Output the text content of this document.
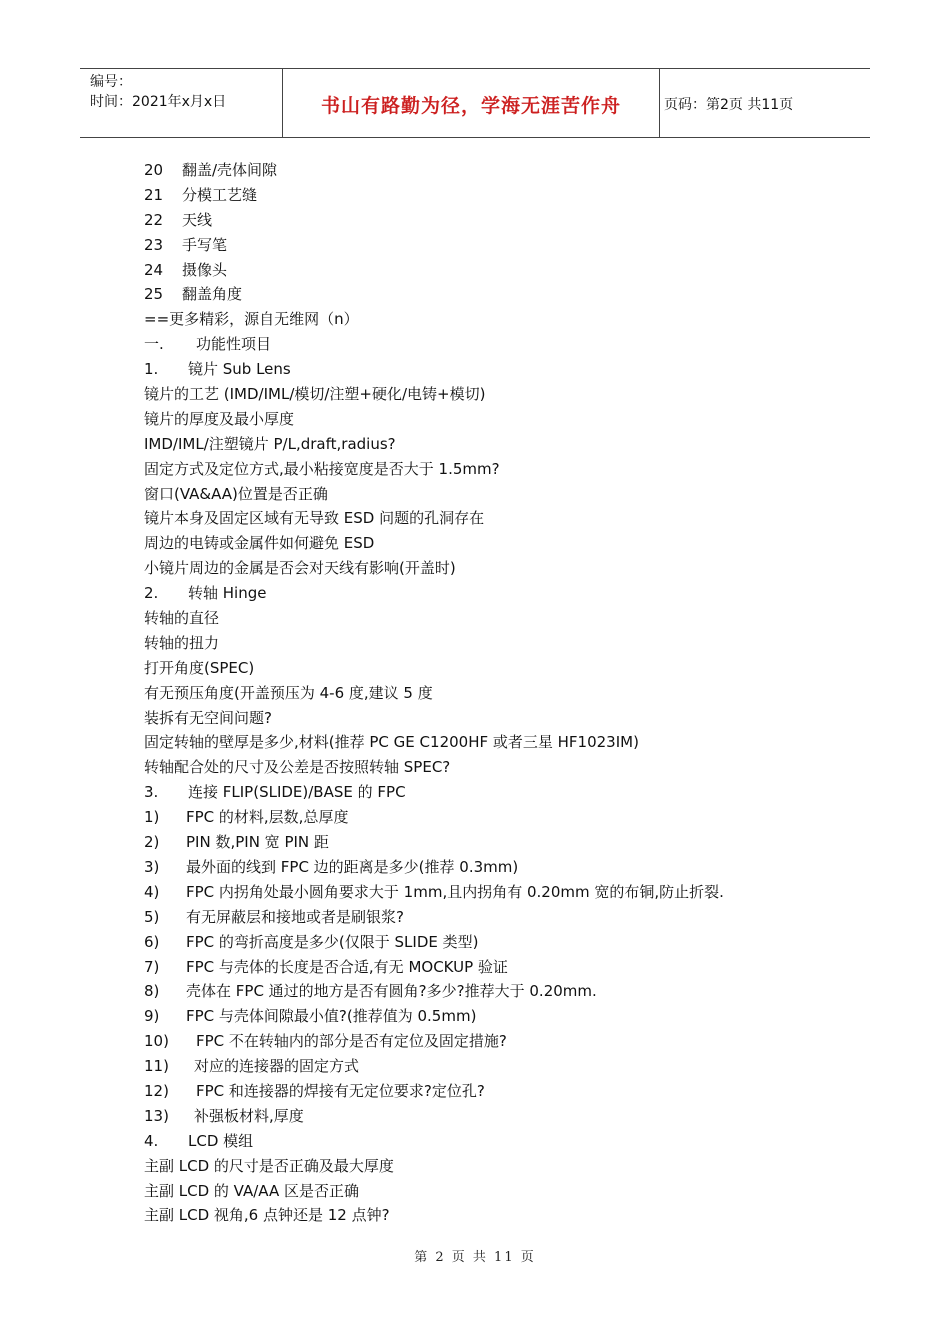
编号：
时间：2021年x月x日	书山有路勤为径，学海无涯苦作舟	页码：第2页 共11页
20 翻盖/壳体间隙
21 分模工艺缝
22 天线
23 手写笔
24 摄像头
25 翻盖角度
==更多精彩，源自无维网（n）
一. 功能性项目
1. 镜片 Sub Lens
镜片的工艺 (IMD/IML/模切/注塑+硬化/电铸+模切)
镜片的厚度及最小厚度
IMD/IML/注塑镜片 P/L,draft,radius?
固定方式及定位方式,最小粘接宽度是否大于 1.5mm?
窗口(VA&AA)位置是否正确
镜片本身及固定区域有无导致 ESD 问题的孔洞存在
周边的电铸或金属件如何避免 ESD
小镜片周边的金属是否会对天线有影响(开盖时)
2. 转轴 Hinge
转轴的直径
转轴的扭力
打开角度(SPEC)
有无预压角度(开盖预压为 4-6 度,建议 5 度
装拆有无空间问题?
固定转轴的壁厚是多少,材料(推荐 PC GE C1200HF 或者三星 HF1023IM)
转轴配合处的尺寸及公差是否按照转轴 SPEC?
3. 连接 FLIP(SLIDE)/BASE 的 FPC
1) FPC 的材料,层数,总厚度
2) PIN 数,PIN 宽 PIN 距
3) 最外面的线到 FPC 边的距离是多少(推荐 0.3mm)
4) FPC 内拐角处最小圆角要求大于 1mm,且内拐角有 0.20mm 宽的布铜,防止折裂.
5) 有无屏蔽层和接地或者是刷银浆?
6) FPC 的弯折高度是多少(仅限于 SLIDE 类型)
7) FPC 与壳体的长度是否合适,有无 MOCKUP 验证
8) 壳体在 FPC 通过的地方是否有圆角?多少?推荐大于 0.20mm.
9) FPC 与壳体间隙最小值?(推荐值为 0.5mm)
10) FPC 不在转轴内的部分是否有定位及固定措施?
11) 对应的连接器的固定方式
12) FPC 和连接器的焊接有无定位要求?定位孔?
13) 补强板材料,厚度
4. LCD 模组
主副 LCD 的尺寸是否正确及最大厚度
主副 LCD 的 VA/AA 区是否正确
主副 LCD 视角,6 点钟还是 12 点钟?
第 2 页 共 11 页
